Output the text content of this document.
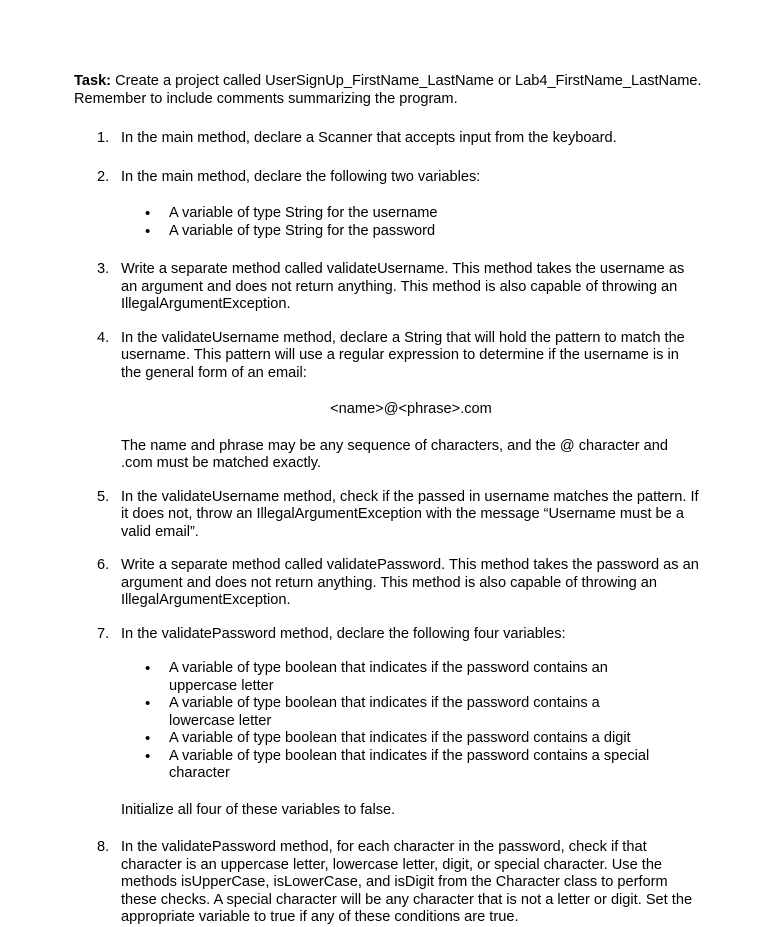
Task: Create a project called UserSignUp_FirstName_LastName or Lab4_FirstName_LastName. Remember to include comments summarizing the program.

1. In the main method, declare a Scanner that accepts input from the keyboard.

2. In the main method, declare the following two variables:

• A variable of type String for the username
• A variable of type String for the password
3. Write a separate method called validateUsername. This method takes the username as an argument and does not return anything. This method is also capable of throwing an IllegalArgumentException.

4. In the validateUsername method, declare a String that will hold the pattern to match the username. This pattern will use a regular expression to determine if the username is in the general form of an email:

<name>@<phrase>.com

The name and phrase may be any sequence of characters, and the @ character and .com must be matched exactly.

5. In the validateUsername method, check if the passed in username matches the pattern. If it does not, throw an IllegalArgumentException with the message “Username must be a valid email”.

6. Write a separate method called validatePassword. This method takes the password as an argument and does not return anything. This method is also capable of throwing an IllegalArgumentException.

7. In the validatePassword method, declare the following four variables:

• A variable of type boolean that indicates if the password contains an uppercase letter
• A variable of type boolean that indicates if the password contains a lowercase letter
• A variable of type boolean that indicates if the password contains a digit
• A variable of type boolean that indicates if the password contains a special character

Initialize all four of these variables to false.

8. In the validatePassword method, for each character in the password, check if that character is an uppercase letter, lowercase letter, digit, or special character. Use the methods isUpperCase, isLowerCase, and isDigit from the Character class to perform these checks. A special character will be any character that is not a letter or digit. Set the appropriate variable to true if any of these conditions are true.
